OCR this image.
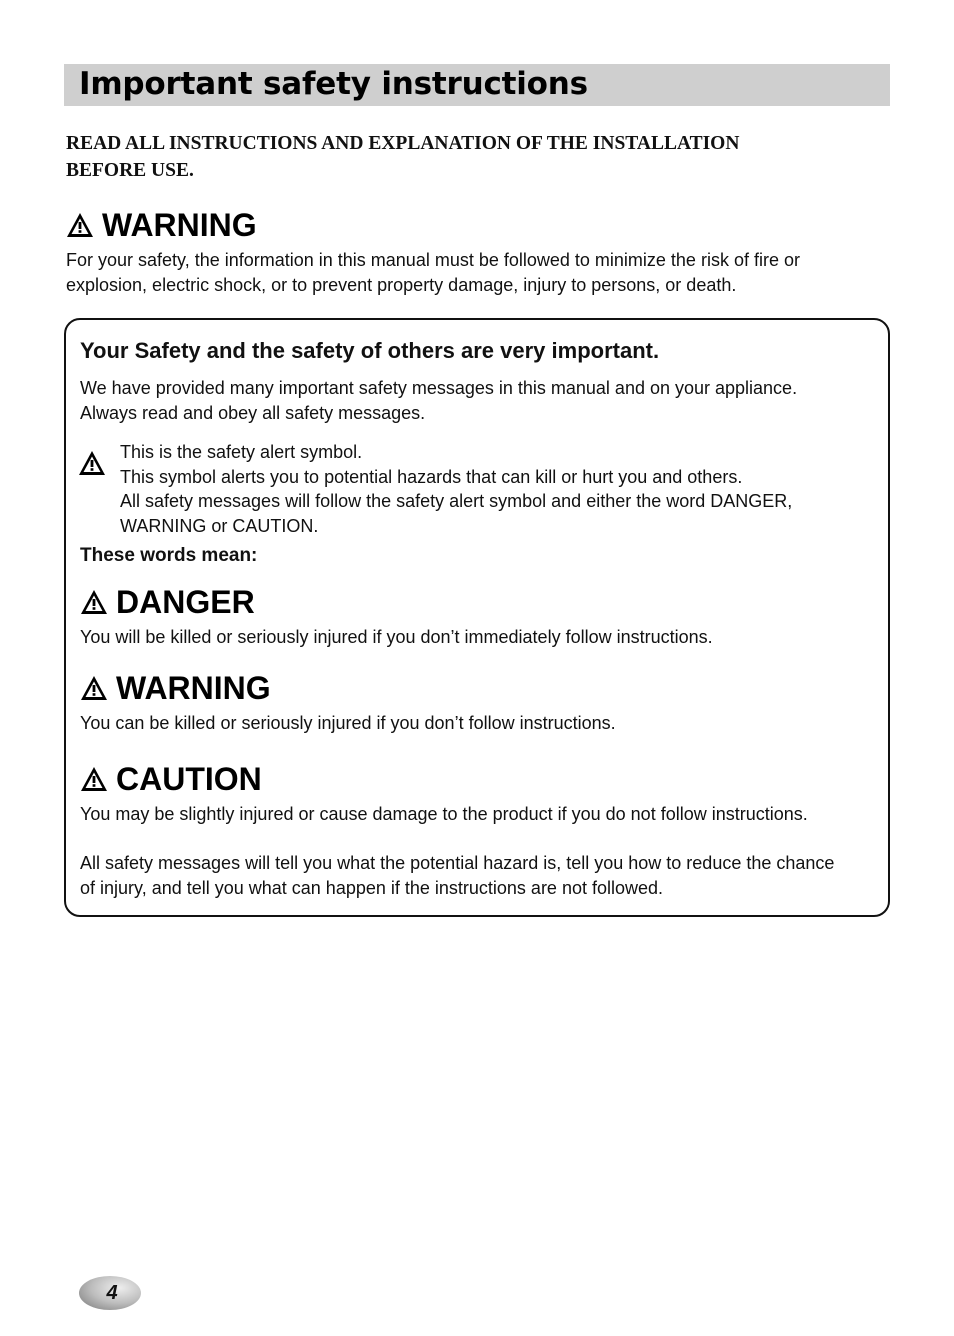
Important safety instructions
READ ALL INSTRUCTIONS AND EXPLANATION OF THE INSTALLATION
BEFORE USE.
WARNING
For your safety, the information in this manual must be followed to minimize the risk of fire or
explosion, electric shock, or to prevent property damage, injury to persons, or death.

Your Safety and the safety of others are very important.

We have provided many important safety messages in this manual and on your appliance.
Always read and obey all safety messages.
This is the safety alert symbol.
This symbol alerts you to potential hazards that can kill or hurt you and others.
All safety messages will follow the safety alert symbol and either the word DANGER,
WARNING or CAUTION.

These words mean:

DANGER

You will be killed or seriously injured if you don’t immediately follow instructions.

WARNING

You can be killed or seriously injured if you don’t follow instructions.

CAUTION

You may be slightly injured or cause damage to the product if you do not follow instructions.

All safety messages will tell you what the potential hazard is, tell you how to reduce the chance
of injury, and tell you what can happen if the instructions are not followed.
4
